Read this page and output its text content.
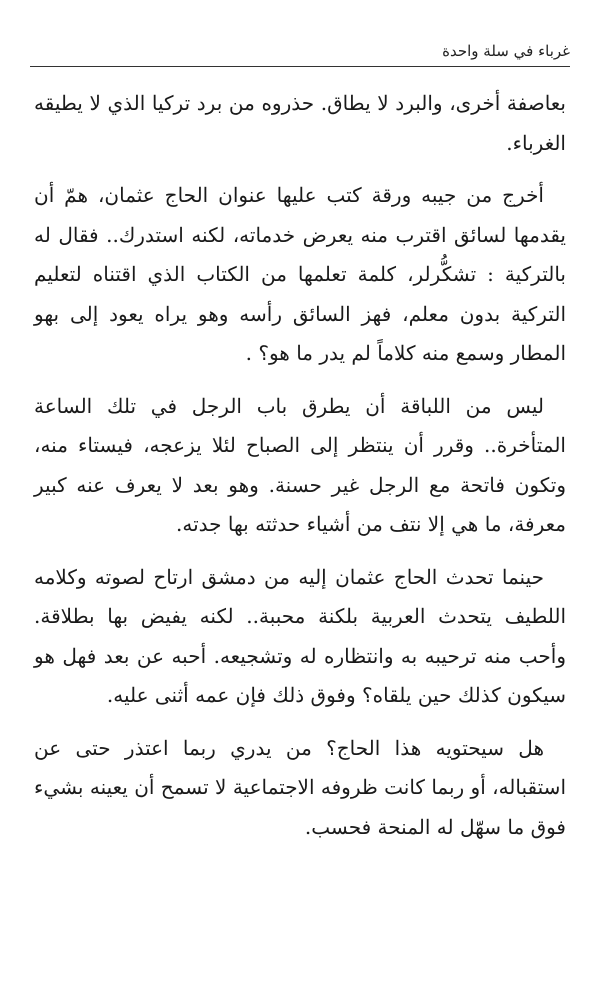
غرباء في سلة واحدة

بعاصفة أخرى، والبرد لا يطاق. حذروه من برد تركيا الذي لا يطيقه الغرباء.

أخرج من جيبه ورقة كتب عليها عنوان الحاج عثمان، همّ أن يقدمها لسائق اقترب منه يعرض خدماته، لكنه استدرك.. فقال له بالتركية : تشكُّرلر، كلمة تعلمها من الكتاب الذي اقتناه لتعليم التركية بدون معلم، فهز السائق رأسه وهو يراه يعود إلى بهو المطار وسمع منه كلاماً لم يدر ما هو؟ .

ليس من اللباقة أن يطرق باب الرجل في تلك الساعة المتأخرة.. وقرر أن ينتظر إلى الصباح لئلا يزعجه، فيستاء منه، وتكون فاتحة مع الرجل غير حسنة. وهو بعد لا يعرف عنه كبير معرفة، ما هي إلا نتف من أشياء حدثته بها جدته.

حينما تحدث الحاج عثمان إليه من دمشق ارتاح لصوته وكلامه اللطيف يتحدث العربية بلكنة محببة.. لكنه يفيض بها بطلاقة. وأحب منه ترحيبه به وانتظاره له وتشجيعه. أحبه عن بعد فهل هو سيكون كذلك حين يلقاه؟ وفوق ذلك فإن عمه أثنى عليه.

هل سيحتويه هذا الحاج؟ من يدري ربما اعتذر حتى عن استقباله، أو ربما كانت ظروفه الاجتماعية لا تسمح أن يعينه بشيء فوق ما سهّل له المنحة فحسب.
